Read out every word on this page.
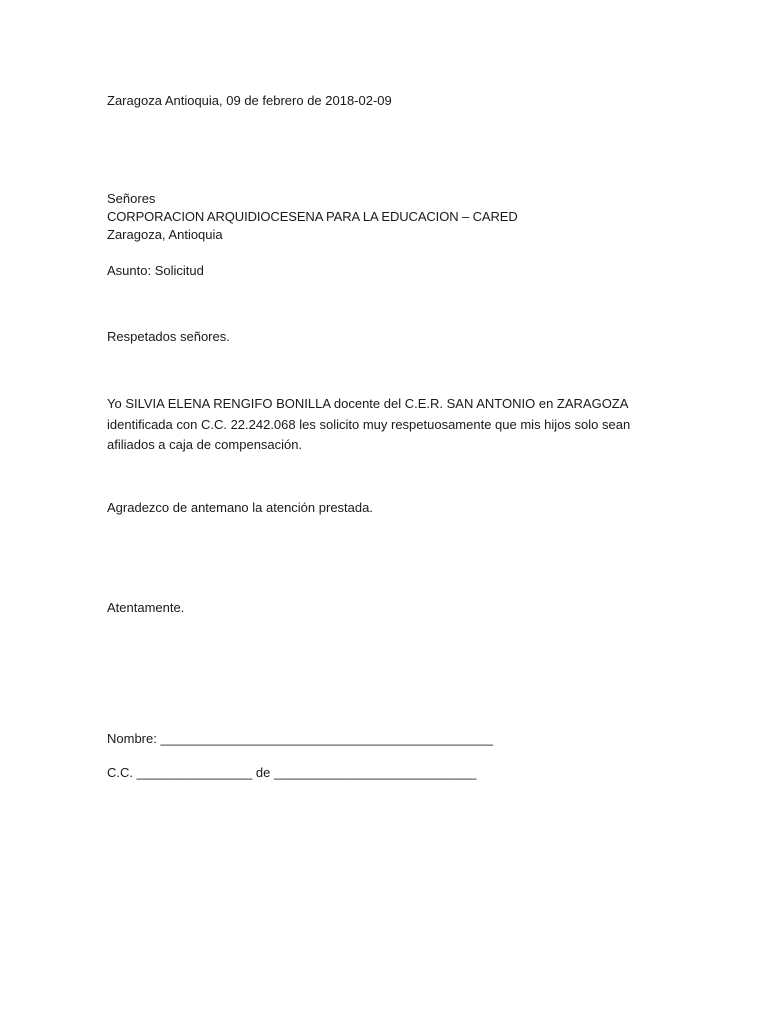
Zaragoza Antioquia, 09 de febrero de 2018-02-09
Señores
CORPORACION ARQUIDIOCESENA PARA LA EDUCACION – CARED
Zaragoza, Antioquia
Asunto: Solicitud
Respetados señores.
Yo SILVIA ELENA RENGIFO BONILLA docente del C.E.R. SAN ANTONIO en ZARAGOZA identificada con C.C. 22.242.068 les solicito muy respetuosamente que mis hijos solo sean afiliados a caja de compensación.
Agradezco de antemano la atención prestada.
Atentamente.
Nombre: ______________________________________________
C.C. ________________ de ____________________________
